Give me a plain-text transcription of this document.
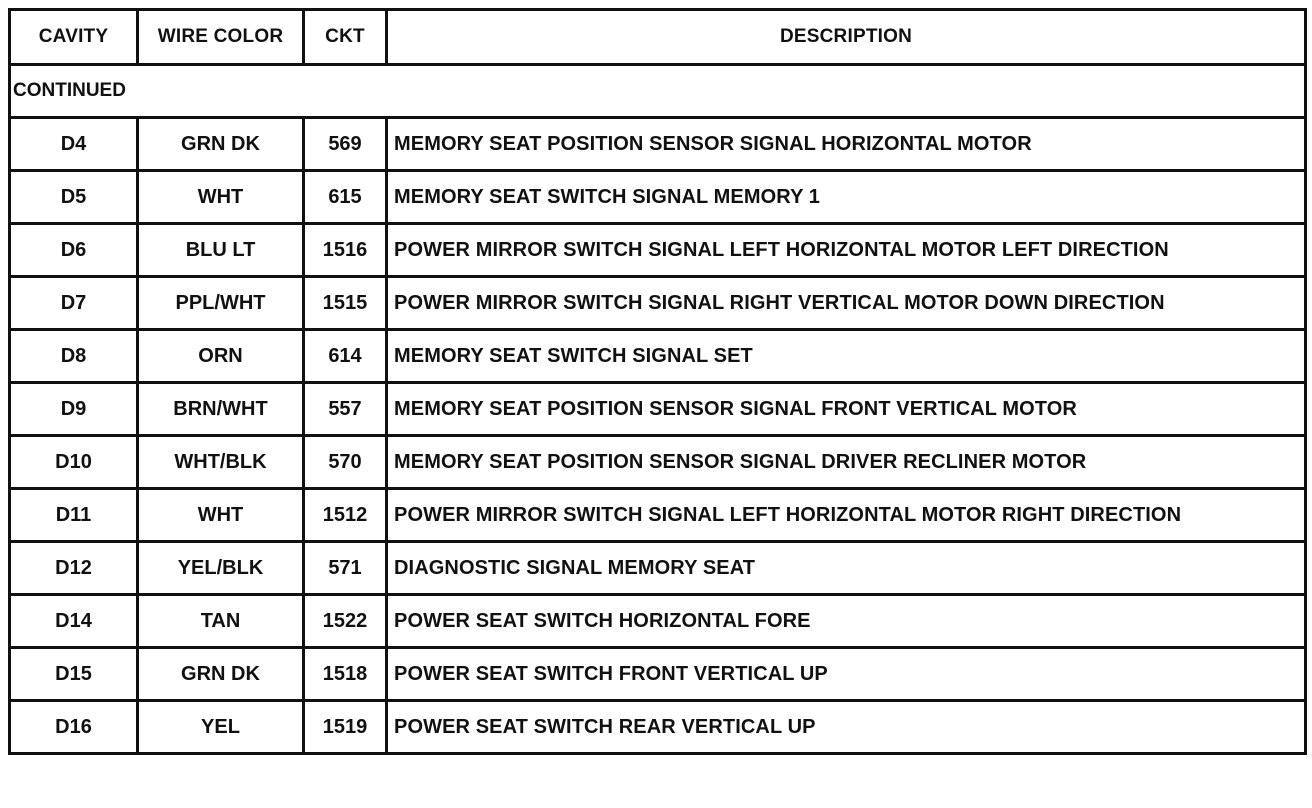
CAVITY	WIRE COLOR	CKT	DESCRIPTION
CONTINUED			
D4	GRN DK	569	MEMORY SEAT POSITION SENSOR SIGNAL HORIZONTAL MOTOR
D5	WHT	615	MEMORY SEAT SWITCH SIGNAL MEMORY 1
D6	BLU LT	1516	POWER MIRROR SWITCH SIGNAL LEFT HORIZONTAL MOTOR LEFT DIRECTION
D7	PPL/WHT	1515	POWER MIRROR SWITCH SIGNAL RIGHT VERTICAL MOTOR DOWN DIRECTION
D8	ORN	614	MEMORY SEAT SWITCH SIGNAL SET
D9	BRN/WHT	557	MEMORY SEAT POSITION SENSOR SIGNAL FRONT VERTICAL MOTOR
D10	WHT/BLK	570	MEMORY SEAT POSITION SENSOR SIGNAL DRIVER RECLINER MOTOR
D11	WHT	1512	POWER MIRROR SWITCH SIGNAL LEFT HORIZONTAL MOTOR RIGHT DIRECTION
D12	YEL/BLK	571	DIAGNOSTIC SIGNAL MEMORY SEAT
D14	TAN	1522	POWER SEAT SWITCH HORIZONTAL FORE
D15	GRN DK	1518	POWER SEAT SWITCH FRONT VERTICAL UP
D16	YEL	1519	POWER SEAT SWITCH REAR VERTICAL UP
